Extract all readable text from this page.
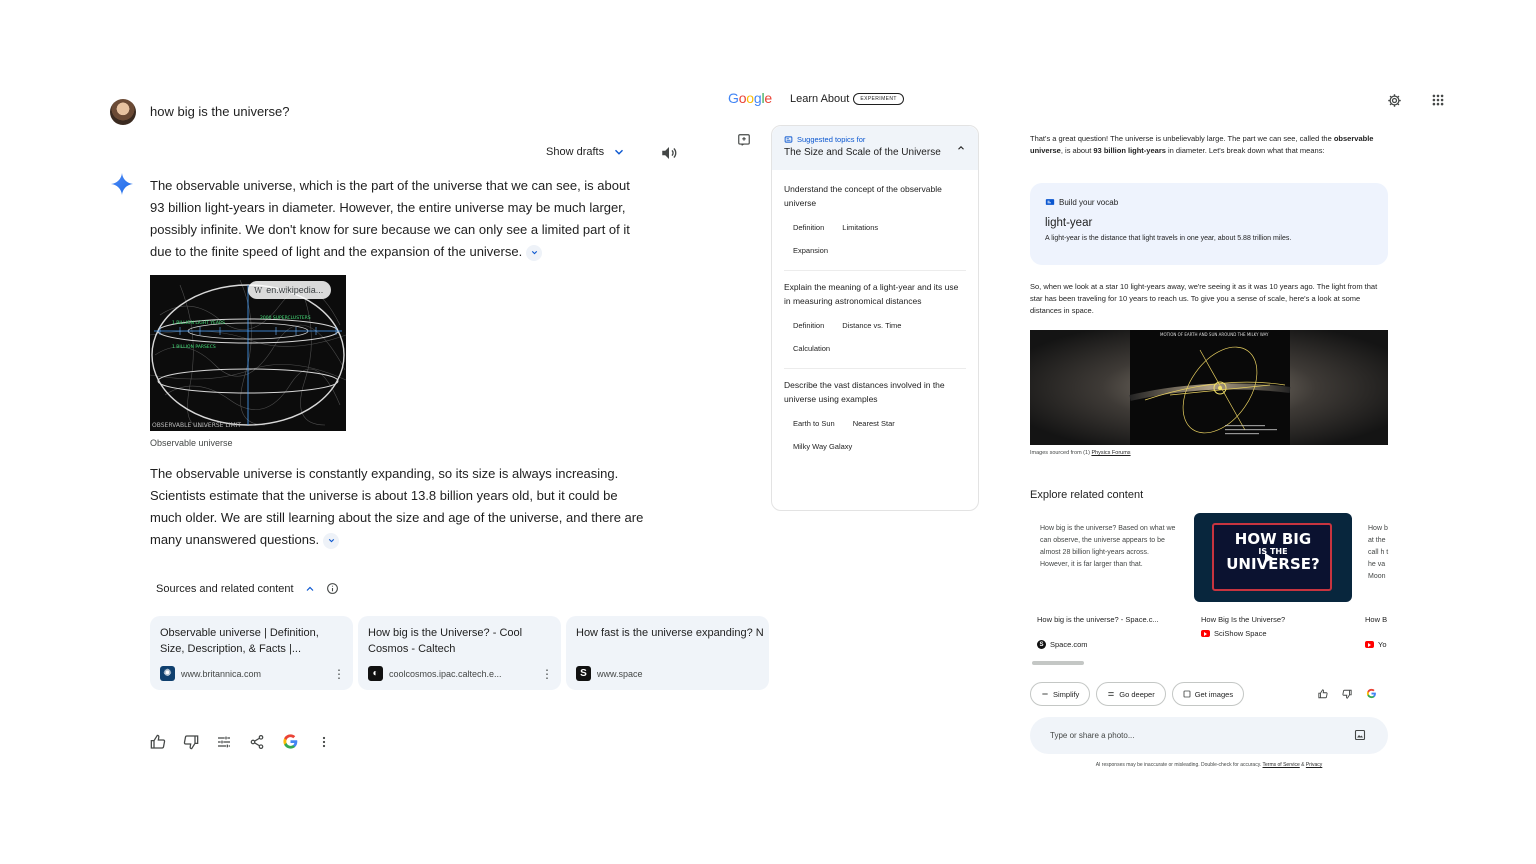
how big is the universe?
Show drafts
The observable universe, which is the part of the universe that we can see, is about 93 billion light-years in diameter. However, the entire universe may be much larger, possibly infinite. We don't know for sure because we can only see a limited part of it due to the finite speed of light and the expansion of the universe.
1 BILLION LIGHT YEARS
1 BILLION PARSECS
2000 SUPERCLUSTERS
OBSERVABLE UNIVERSE LIMIT
W en.wikipedia...
Observable universe
The observable universe is constantly expanding, so its size is always increasing. Scientists estimate that the universe is about 13.8 billion years old, but it could be much older. We are still learning about the size and age of the universe, and there are many unanswered questions.
Sources and related content
Observable universe | Definition, Size, Description, & Facts |...
✺	www.britannica.com	⋮
How big is the Universe? - Cool Cosmos - Caltech
◐	coolcosmos.ipac.caltech.e...	⋮
How fast is the universe expanding? N
S	www.space
Google Learn About	EXPERIMENT
Suggested topics for
The Size and Scale of the Universe
Understand the concept of the observable universe
Definition	Limitations
Expansion
Explain the meaning of a light-year and its use in measuring astronomical distances
Definition	Distance vs. Time
Calculation
Describe the vast distances involved in the universe using examples
Earth to Sun	Nearest Star
Milky Way Galaxy
That's a great question! The universe is unbelievably large. The part we can see, called the observable universe, is about 93 billion light-years in diameter. Let's break down what that means:
Build your vocab
light-year
A light-year is the distance that light travels in one year, about 5.88 trillion miles.
So, when we look at a star 10 light-years away, we're seeing it as it was 10 years ago. The light from that star has been traveling for 10 years to reach us. To give you a sense of scale, here's a look at some distances in space.
MOTION OF EARTH AND SUN AROUND THE MILKY WAY
Images sourced from (1) Physics Forums
Explore related content
How big is the universe? Based on what we can observe, the universe appears to be almost 28 billion light-years across. However, it is far larger than that.
How big is the universe? - Space.c...
S Space.com
HOW BIG
IS THE
UNIVERSE?
How Big Is the Universe?
SciShow Space
How b at the call h the va Moon
How B
Yo
Simplify	Go deeper	Get images
Type or share a photo...
AI responses may be inaccurate or misleading. Double-check for accuracy. Terms of Service & Privacy
